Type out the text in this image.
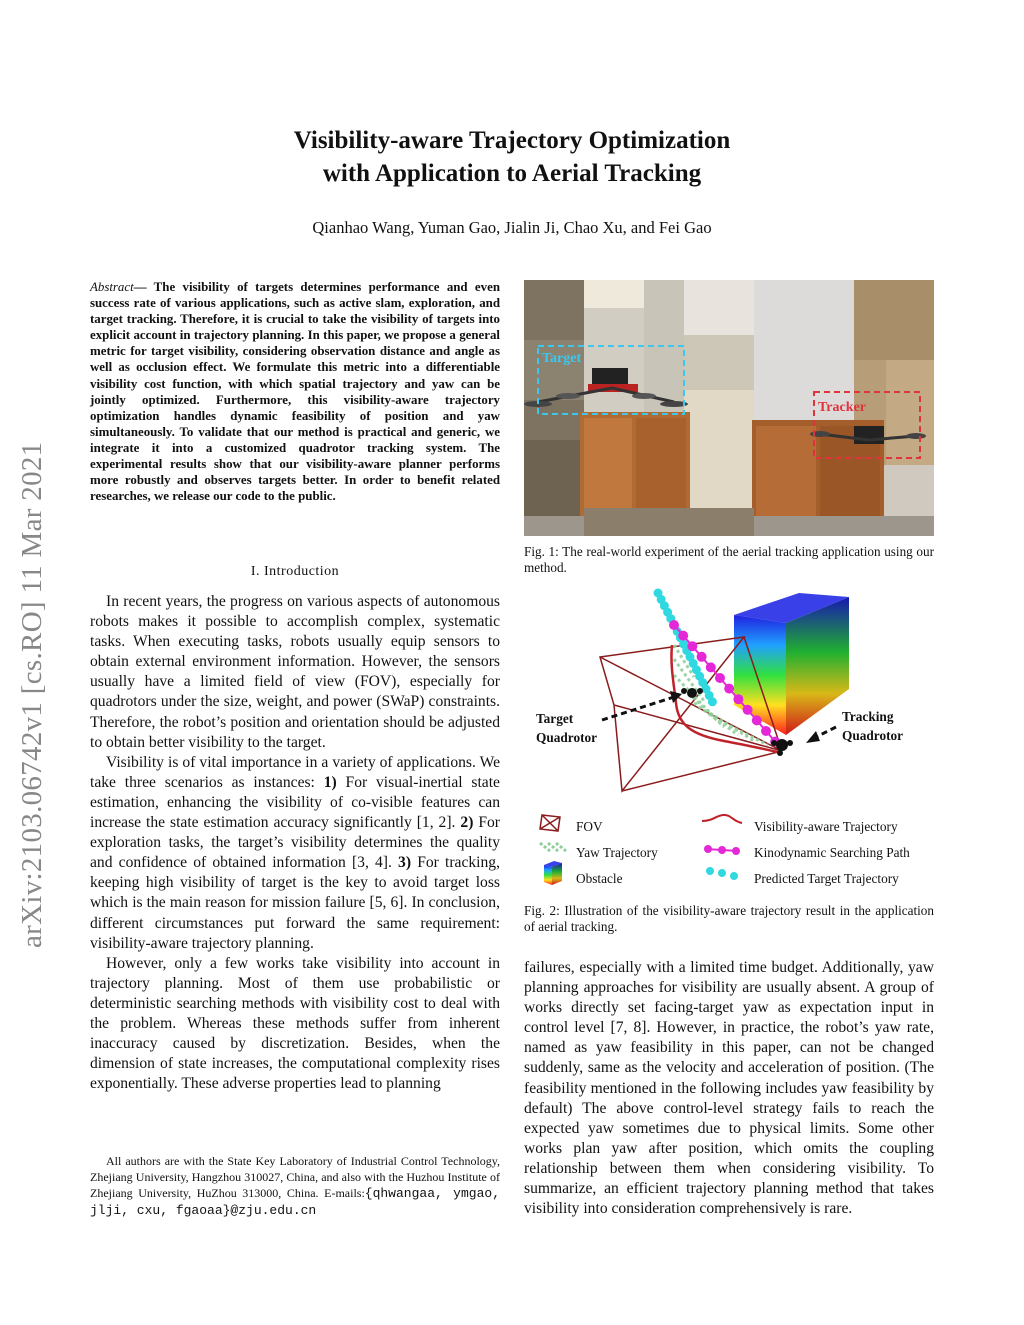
arXiv:2103.06742v1 [cs.RO] 11 Mar 2021
Visibility-aware Trajectory Optimization
with Application to Aerial Tracking
Qianhao Wang, Yuman Gao, Jialin Ji, Chao Xu, and Fei Gao
Abstract— The visibility of targets determines performance and even success rate of various applications, such as active slam, exploration, and target tracking. Therefore, it is crucial to take the visibility of targets into explicit account in trajectory planning. In this paper, we propose a general metric for target visibility, considering observation distance and angle as well as occlusion effect. We formulate this metric into a differentiable visibility cost function, with which spatial trajectory and yaw can be jointly optimized. Furthermore, this visibility-aware trajectory optimization handles dynamic feasibility of position and yaw simultaneously. To validate that our method is practical and generic, we integrate it into a customized quadrotor tracking system. The experimental results show that our visibility-aware planner performs more robustly and observes targets better. In order to benefit related researches, we release our code to the public.
I. Introduction

In recent years, the progress on various aspects of autonomous robots makes it possible to accomplish complex, systematic tasks. When executing tasks, robots usually equip sensors to obtain external environment information. However, the sensors usually have a limited field of view (FOV), especially for quadrotors under the size, weight, and power (SWaP) constraints. Therefore, the robot’s position and orientation should be adjusted to obtain better visibility to the target.

Visibility is of vital importance in a variety of applications. We take three scenarios as instances: 1) For visual-inertial state estimation, enhancing the visibility of co-visible features can increase the state estimation accuracy significantly [1, 2]. 2) For exploration tasks, the target’s visibility determines the quality and confidence of obtained information [3, 4]. 3) For tracking, keeping high visibility of target is the key to avoid target loss which is the main reason for mission failure [5, 6]. In conclusion, different circumstances put forward the same requirement: visibility-aware trajectory planning.

However, only a few works take visibility into account in trajectory planning. Most of them use probabilistic or deterministic searching methods with visibility cost to deal with the problem. Whereas these methods suffer from inherent inaccuracy caused by discretization. Besides, when the dimension of state increases, the computational complexity rises exponentially. These adverse properties lead to planning

All authors are with the State Key Laboratory of Industrial Control Technology, Zhejiang University, Hangzhou 310027, China, and also with the Huzhou Institute of Zhejiang University, HuZhou 313000, China. E-mails:{qhwangaa, ymgao, jlji, cxu, fgaoaa}@zju.edu.cn
Target
Tracker
Fig. 1: The real-world experiment of the aerial tracking application using our method.
Target Quadrotor
Tracking Quadrotor
FOV
Yaw Trajectory
Obstacle
Visibility-aware Trajectory
Kinodynamic Searching Path
Predicted Target Trajectory
Fig. 2: Illustration of the visibility-aware trajectory result in the application of aerial tracking.

failures, especially with a limited time budget. Additionally, yaw planning approaches for visibility are usually absent. A group of works directly set facing-target yaw as expectation input in control level [7, 8]. However, in practice, the robot’s yaw rate, named as yaw feasibility in this paper, can not be changed suddenly, same as the velocity and acceleration of position. (The feasibility mentioned in the following includes yaw feasibility by default) The above control-level strategy fails to reach the expected yaw sometimes due to physical limits. Some other works plan yaw after position, which omits the coupling relationship between them when considering visibility. To summarize, an efficient trajectory planning method that takes visibility into consideration comprehensively is rare.
